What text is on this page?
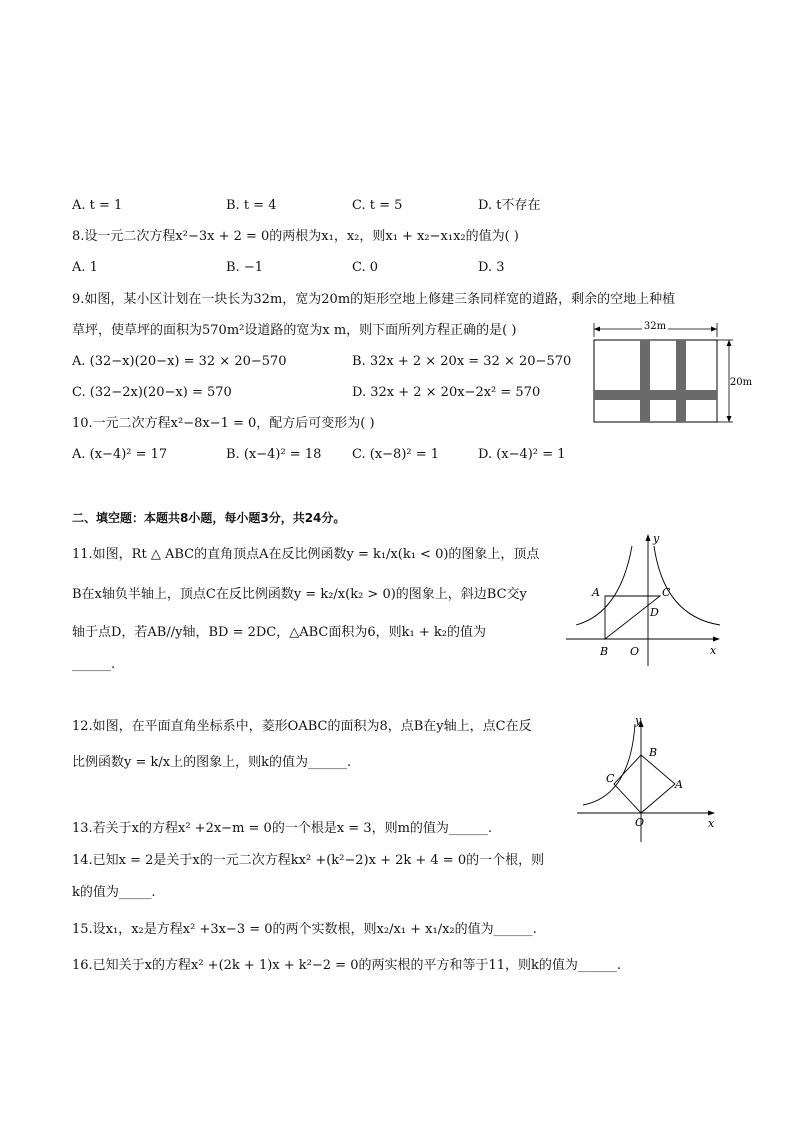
A. t = 1	B. t = 4	C. t = 5	D. t不存在
8.设一元二次方程x²−3x + 2 = 0的两根为x₁，x₂，则x₁ + x₂−x₁x₂的值为( )
A. 1	B. −1	C. 0	D. 3
9.如图，某小区计划在一块长为32m，宽为20m的矩形空地上修建三条同样宽的道路，剩余的空地上种植
草坪，使草坪的面积为570m²设道路的宽为x m，则下面所列方程正确的是( )
A. (32−x)(20−x) = 32 × 20−570	B. 32x + 2 × 20x = 32 × 20−570
C. (32−2x)(20−x) = 570	D. 32x + 2 × 20x−2x² = 570
32m
20m
10.一元二次方程x²−8x−1 = 0，配方后可变形为( )
A. (x−4)² = 17	B. (x−4)² = 18 C. (x−8)² = 1	D. (x−4)² = 1
二、填空题：本题共8小题，每小题3分，共24分。
11.如图，Rt △ ABC的直角顶点A在反比例函数y = k₁/x(k₁ < 0)的图象上，顶点
B在x轴负半轴上，顶点C在反比例函数y = k₂/x(k₂ > 0)的图象上，斜边BC交y
轴于点D，若AB//y轴，BD = 2DC，△ABC面积为6，则k₁ + k₂的值为
______.
y
x
A	C
D
B O
12.如图，在平面直角坐标系中，菱形OABC的面积为8，点B在y轴上，点C在反
比例函数y = k/x上的图象上，则k的值为______.
y
x
B
A
C
O
13.若关于x的方程x² +2x−m = 0的一个根是x = 3，则m的值为______.
14.已知x = 2是关于x的一元二次方程kx² +(k²−2)x + 2k + 4 = 0的一个根，则
k的值为_____.
15.设x₁，x₂是方程x² +3x−3 = 0的两个实数根，则x₂/x₁ + x₁/x₂的值为______.
16.已知关于x的方程x² +(2k + 1)x + k²−2 = 0的两实根的平方和等于11，则k的值为______.
